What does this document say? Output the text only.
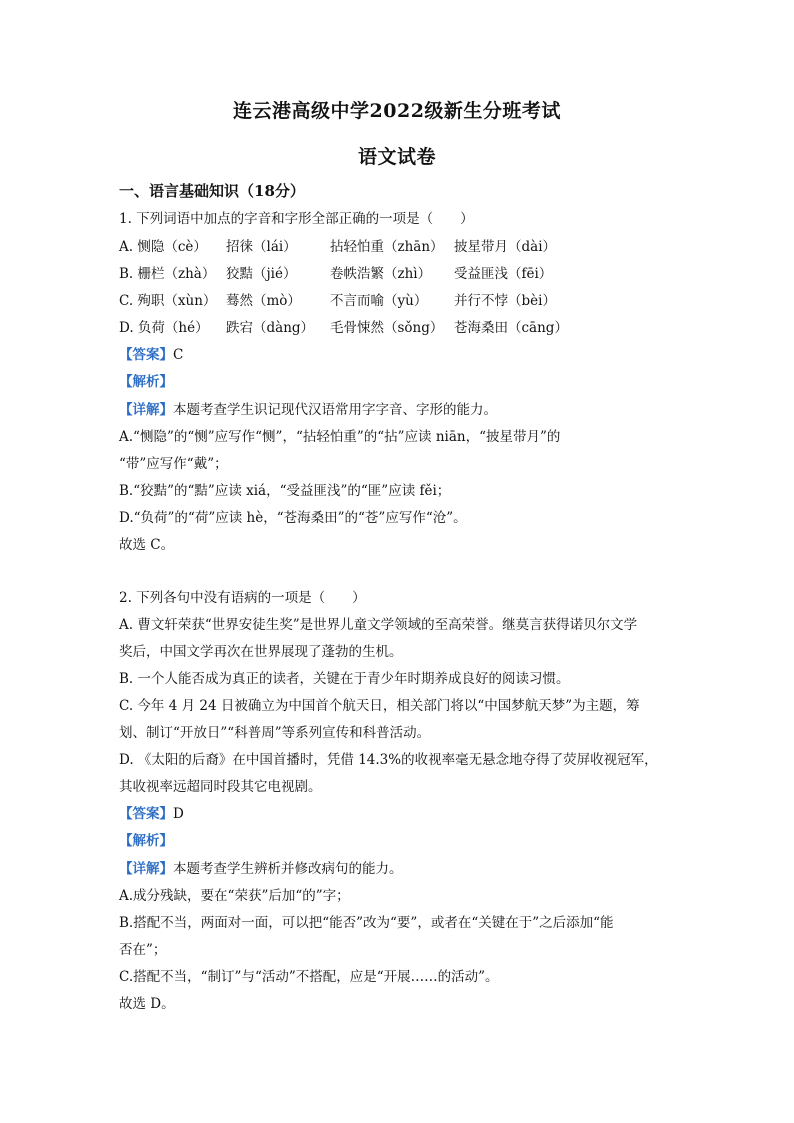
连云港高级中学2022级新生分班考试
语文试卷
一、语言基础知识（18分）
1. 下列词语中加点的字音和字形全部正确的一项是（　　）
A. 恻隐（cè） 招徕（lái） 拈轻怕重（zhān） 披星带月（dài）
B. 栅栏（zhà） 狡黠（jié） 卷帙浩繁（zhì） 受益匪浅（fēi）
C. 殉职（xùn） 蓦然（mò） 不言而喻（yù） 并行不悖（bèi）
D. 负荷（hé） 跌宕（dàng） 毛骨悚然（sǒng） 苍海桑田（cāng）
【答案】C
【解析】
【详解】本题考查学生识记现代汉语常用字字音、字形的能力。
A.“恻隐”的“恻”应写作“恻”，“拈轻怕重”的“拈”应读 niān，“披星带月”的
“带”应写作“戴”；
B.“狡黠”的“黠”应读 xiá，“受益匪浅”的“匪”应读 fěi；
D.“负荷”的“荷”应读 hè，“苍海桑田”的“苍”应写作“沧”。
故选 C。
2. 下列各句中没有语病的一项是（　　）
A. 曹文轩荣获“世界安徒生奖”是世界儿童文学领域的至高荣誉。继莫言获得诺贝尔文学
奖后，中国文学再次在世界展现了蓬勃的生机。
B. 一个人能否成为真正的读者，关键在于青少年时期养成良好的阅读习惯。
C. 今年 4 月 24 日被确立为中国首个航天日，相关部门将以“中国梦航天梦”为主题，筹
划、制订“开放日”“科普周”等系列宣传和科普活动。
D. 《太阳的后裔》在中国首播时，凭借 14.3%的收视率毫无悬念地夺得了荧屏收视冠军，
其收视率远超同时段其它电视剧。
【答案】D
【解析】
【详解】本题考查学生辨析并修改病句的能力。
A.成分残缺，要在“荣获”后加“的”字；
B.搭配不当，两面对一面，可以把“能否”改为“要”，或者在“关键在于”之后添加“能
否在”；
C.搭配不当，“制订”与“活动”不搭配，应是“开展……的活动”。
故选 D。
